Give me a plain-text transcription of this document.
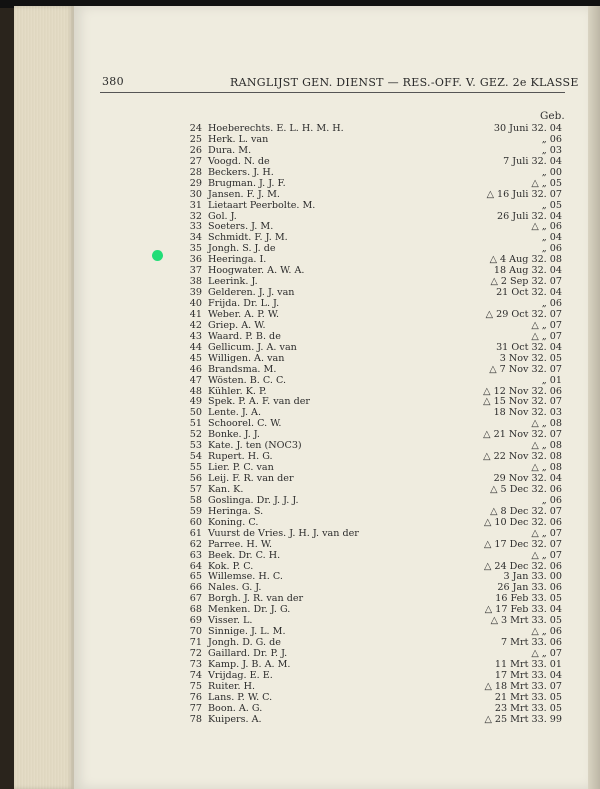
380	RANGLIJST GEN. DIENST — RES.-OFF. V. GEZ. 2e KLASSE
Geb.
24 Hoeberechts. E. L. H. M. H.	30 Juni 32. 04
25 Herk. L. van	„ 06
26 Dura. M.	„ 03
27 Voogd. N. de	7 Juli 32. 04
28 Beckers. J. H.	„ 00
29 Brugman. J. J. F.	△ „ 05
30 Jansen. F. J. M.	△ 16 Juli 32. 07
31 Lietaart Peerbolte. M.	„ 05
32 Gol. J.	26 Juli 32. 04
33 Soeters. J. M.	△ „ 06
34 Schmidt. F. J. M.	„ 04
35 Jongh. S. J. de	„ 06
36 Heeringa. I.	△ 4 Aug 32. 08
37 Hoogwater. A. W. A.	18 Aug 32. 04
38 Leerink. J.	△ 2 Sep 32. 07
39 Gelderen. J. J. van	21 Oct 32. 04
40 Frijda. Dr. L. J.	„ 06
41 Weber. A. P. W.	△ 29 Oct 32. 07
42 Griep. A. W.	△ „ 07
43 Waard. P. B. de	△ „ 07
44 Gellicum. J. A. van	31 Oct 32. 04
45 Willigen. A. van	3 Nov 32. 05
46 Brandsma. M.	△ 7 Nov 32. 07
47 Wösten. B. C. C.	„ 01
48 Kühler. K. P.	△ 12 Nov 32. 06
49 Spek. P. A. F. van der	△ 15 Nov 32. 07
50 Lente. J. A.	18 Nov 32. 03
51 Schoorel. C. W.	△ „ 08
52 Bonke. J. J.	△ 21 Nov 32. 07
53 Kate. J. ten (NOC3)	△ „ 08
54 Rupert. H. G.	△ 22 Nov 32. 08
55 Lier. P. C. van	△ „ 08
56 Leij. F. R. van der	29 Nov 32. 04
57 Kan. K.	△ 5 Dec 32. 06
58 Goslinga. Dr. J. J. J.	„ 06
59 Heringa. S.	△ 8 Dec 32. 07
60 Koning. C.	△ 10 Dec 32. 06
61 Vuurst de Vries. J. H. J. van der	△ „ 07
62 Parree. H. W.	△ 17 Dec 32. 07
63 Beek. Dr. C. H.	△ „ 07
64 Kok. P. C.	△ 24 Dec 32. 06
65 Willemse. H. C.	3 Jan 33. 00
66 Nales. G. J.	26 Jan 33. 06
67 Borgh. J. R. van der	16 Feb 33. 05
68 Menken. Dr. J. G.	△ 17 Feb 33. 04
69 Visser. L.	△ 3 Mrt 33. 05
70 Sinnige. J. L. M.	△ „ 06
71 Jongh. D. G. de	7 Mrt 33. 06
72 Gaillard. Dr. P. J.	△ „ 07
73 Kamp. J. B. A. M.	11 Mrt 33. 01
74 Vrijdag. E. E.	17 Mrt 33. 04
75 Ruiter. H.	△ 18 Mrt 33. 07
76 Lans. P. W. C.	21 Mrt 33. 05
77 Boon. A. G.	23 Mrt 33. 05
78 Kuipers. A.	△ 25 Mrt 33. 99
